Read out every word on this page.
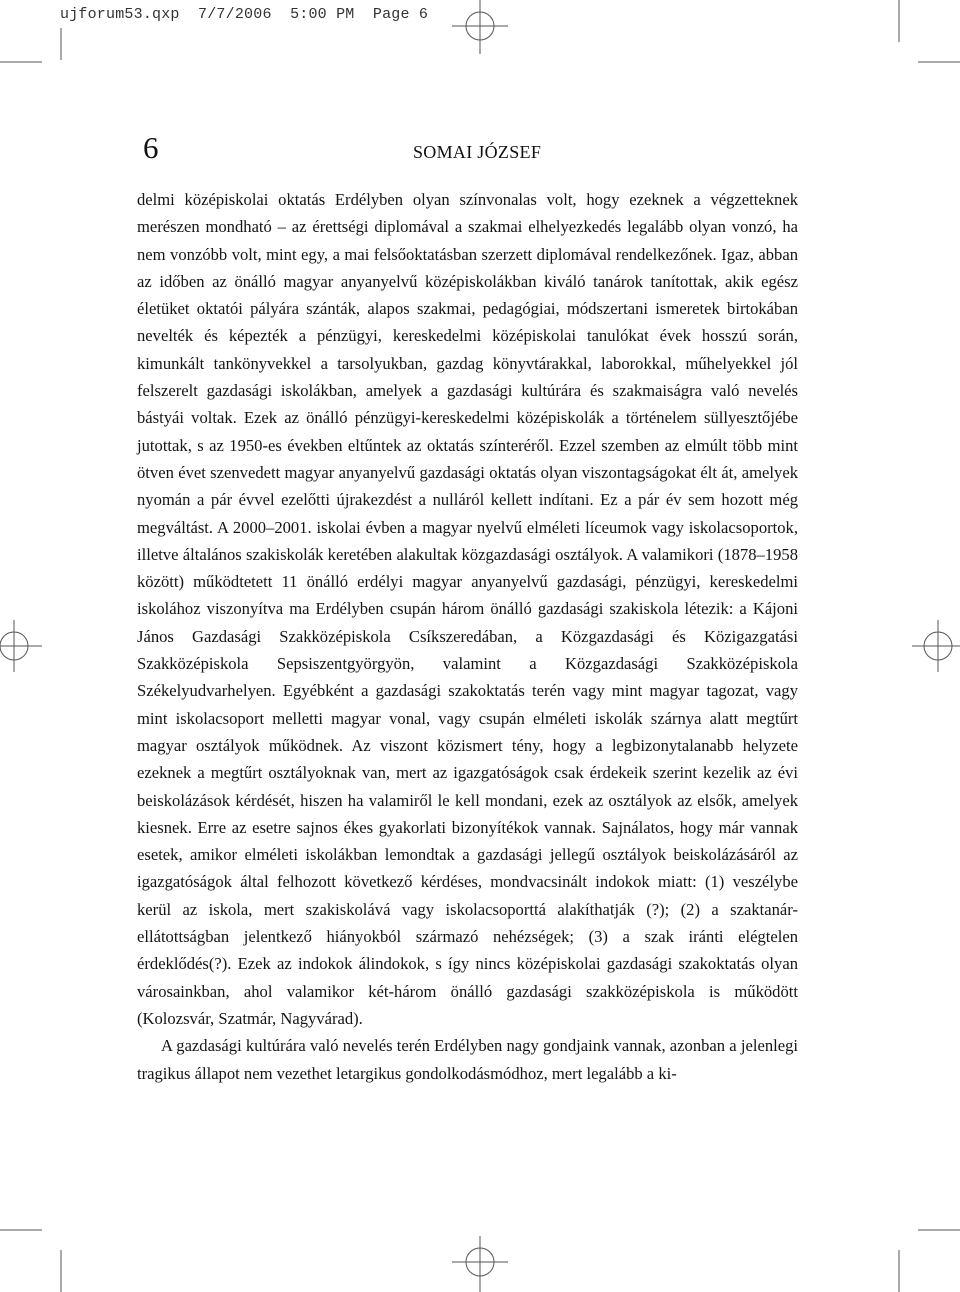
ujforum53.qxp 7/7/2006 5:00 PM Page 6
6	SOMAI JÓZSEF

delmi középiskolai oktatás Erdélyben olyan színvonalas volt, hogy ezeknek a végzetteknek merészen mondható – az érettségi diplomával a szakmai elhelyezkedés legalább olyan vonzó, ha nem vonzóbb volt, mint egy, a mai felsőoktatásban szerzett diplomával rendelkezőnek. Igaz, abban az időben az önálló magyar anyanyelvű középiskolákban kiváló tanárok tanítottak, akik egész életüket oktatói pályára szánták, alapos szakmai, pedagógiai, módszertani ismeretek birtokában nevelték és képezték a pénzügyi, kereskedelmi középiskolai tanulókat évek hosszú során, kimunkált tankönyvekkel a tarsolyukban, gazdag könyvtárakkal, laborokkal, műhelyekkel jól felszerelt gazdasági iskolákban, amelyek a gazdasági kultúrára és szakmaiságra való nevelés bástyái voltak. Ezek az önálló pénzügyi-kereskedelmi középiskolák a történelem süllyesztőjébe jutottak, s az 1950-es években eltűntek az oktatás színteréről. Ezzel szemben az elmúlt több mint ötven évet szenvedett magyar anyanyelvű gazdasági oktatás olyan viszontagságokat élt át, amelyek nyomán a pár évvel ezelőtti újrakezdést a nulláról kellett indítani. Ez a pár év sem hozott még megváltást. A 2000–2001. iskolai évben a magyar nyelvű elméleti líceumok vagy iskolacsoportok, illetve általános szakiskolák keretében alakultak közgazdasági osztályok. A valamikori (1878–1958 között) működtetett 11 önálló erdélyi magyar anyanyelvű gazdasági, pénzügyi, kereskedelmi iskolához viszonyítva ma Erdélyben csupán három önálló gazdasági szakiskola létezik: a Kájoni János Gazdasági Szakközépiskola Csíkszeredában, a Közgazdasági és Közigazgatási Szakközépiskola Sepsiszentgyörgyön, valamint a Közgazdasági Szakközépiskola Székelyudvarhelyen. Egyébként a gazdasági szakoktatás terén vagy mint magyar tagozat, vagy mint iskolacsoport melletti magyar vonal, vagy csupán elméleti iskolák szárnya alatt megtűrt magyar osztályok működnek. Az viszont közismert tény, hogy a legbizonytalanabb helyzete ezeknek a megtűrt osztályoknak van, mert az igazgatóságok csak érdekeik szerint kezelik az évi beiskolázások kérdését, hiszen ha valamiről le kell mondani, ezek az osztályok az elsők, amelyek kiesnek. Erre az esetre sajnos ékes gyakorlati bizonyítékok vannak. Sajnálatos, hogy már vannak esetek, amikor elméleti iskolákban lemondtak a gazdasági jellegű osztályok beiskolázásáról az igazgatóságok által felhozott következő kérdéses, mondvacsinált indokok miatt: (1) veszélybe kerül az iskola, mert szakiskolává vagy iskolacsoporttá alakíthatják (?); (2) a szaktanár-ellátottságban jelentkező hiányokból származó nehézségek; (3) a szak iránti elégtelen érdeklődés(?). Ezek az indokok álindokok, s így nincs középiskolai gazdasági szakoktatás olyan városainkban, ahol valamikor két-három önálló gazdasági szakközépiskola is működött (Kolozsvár, Szatmár, Nagyvárad).

A gazdasági kultúrára való nevelés terén Erdélyben nagy gondjaink vannak, azonban a jelenlegi tragikus állapot nem vezethet letargikus gondolkodásmódhoz, mert legalább a ki-
